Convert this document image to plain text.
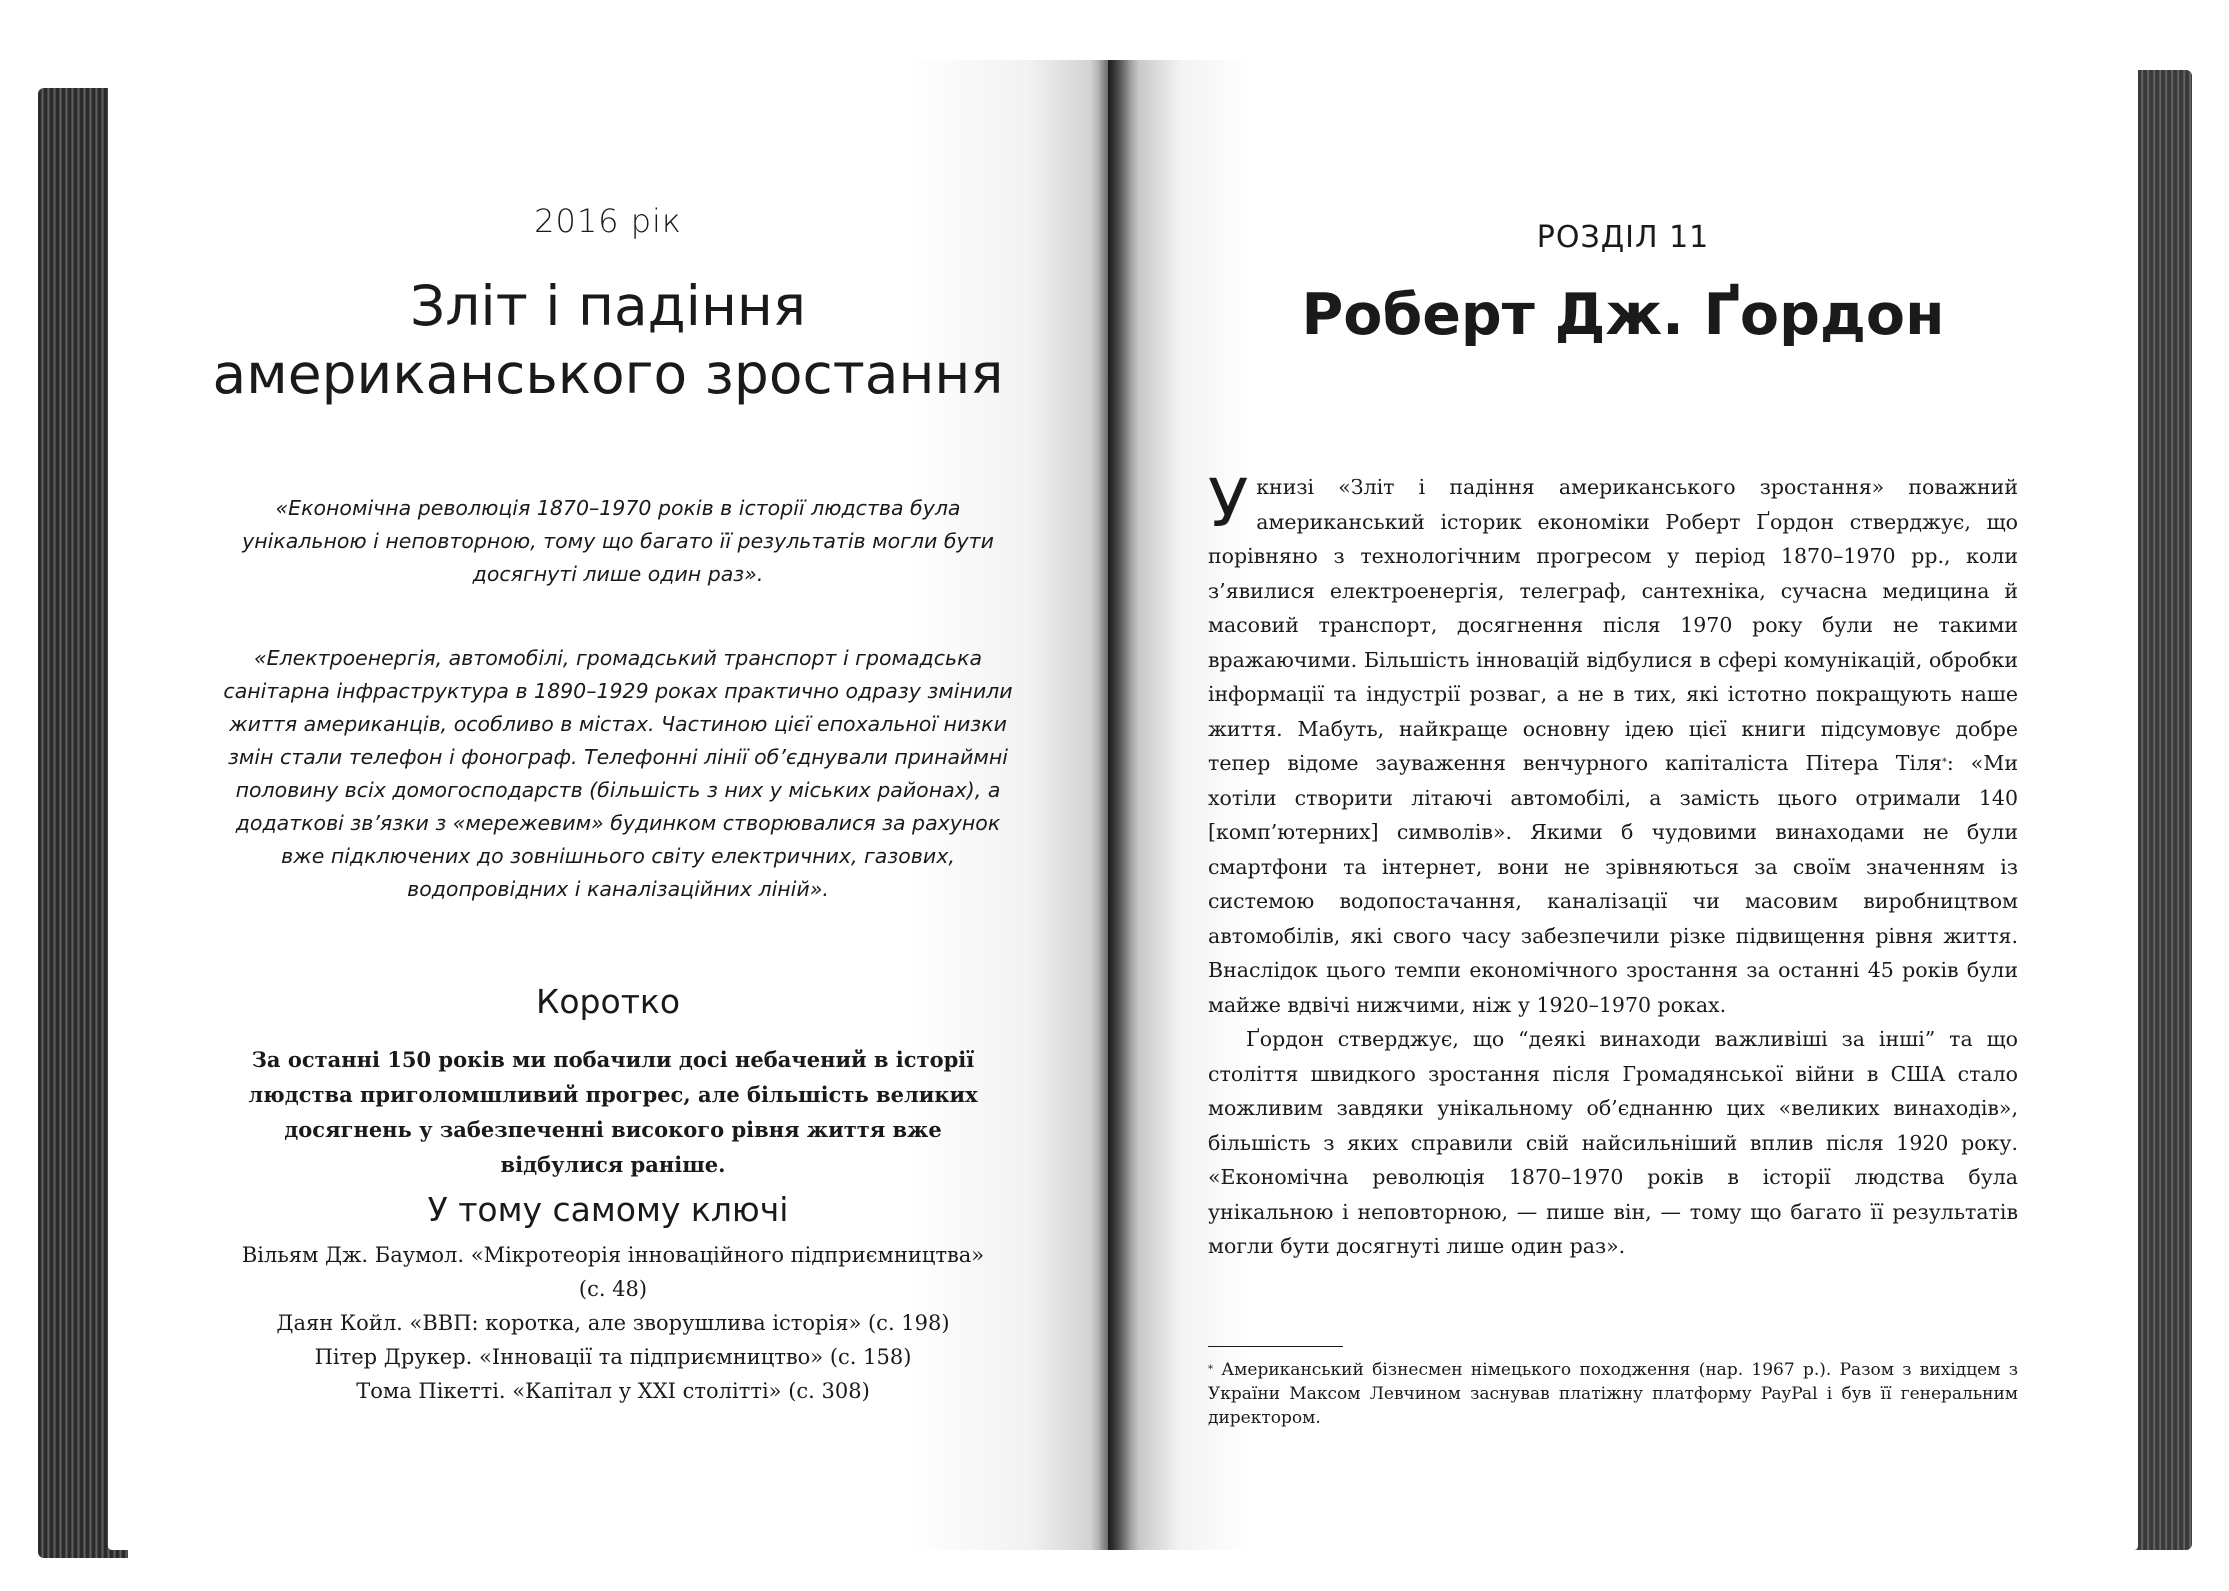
2016 рік
Зліт і падіння
американського зростання
«Економічна революція 1870–1970 років в історії людства була унікальною і неповторною, тому що багато її результатів могли бути досягнуті лише один раз».
«Електроенергія, автомобілі, громадський транспорт і громадська санітарна інфраструктура в 1890–1929 роках практично одразу змінили життя американців, особливо в містах. Частиною цієї епохальної низки змін стали телефон і фонограф. Телефонні лінії об’єднували принаймні половину всіх домогосподарств (більшість з них у міських районах), а додаткові зв’язки з «мережевим» будинком створювалися за рахунок вже підключених до зовнішнього світу електричних, газових, водопровідних і каналізаційних ліній».
Коротко
За останні 150 років ми побачили досі небачений в історії людства приголомшливий прогрес, але більшість великих досягнень у забезпеченні високого рівня життя вже відбулися раніше.
У тому самому ключі
Вільям Дж. Баумол. «Мікротеорія інноваційного підприємництва» (с. 48)
Даян Койл. «ВВП: коротка, але зворушлива історія» (с. 198)
Пітер Друкер. «Інновації та підприємництво» (с. 158)
Тома Пікетті. «Капітал у XXI столітті» (с. 308)
РОЗДІЛ 11
Роберт Дж. Ґордон

У книзі «Зліт і падіння американського зростання» поважний американський історик економіки Роберт Ґордон стверджує, що порівняно з технологічним прогресом у період 1870–1970 рр., коли з’явилися електроенергія, телеграф, сантехніка, сучасна медицина й масовий транспорт, досягнення після 1970 року були не такими вражаючими. Більшість інновацій відбулися в сфері комунікацій, обробки інформації та індустрії розваг, а не в тих, які істотно покращують наше життя. Мабуть, найкраще основну ідею цієї книги підсумовує добре тепер відоме зауваження венчурного капіталіста Пітера Тіля*: «Ми хотіли створити літаючі автомобілі, а замість цього отримали 140 [комп’ютерних] символів». Якими б чудовими винаходами не були смартфони та інтернет, вони не зрівняються за своїм значенням із системою водопостачання, каналізації чи масовим виробництвом автомобілів, які свого часу забезпечили різке підвищення рівня життя. Внаслідок цього темпи економічного зростання за останні 45 років були майже вдвічі нижчими, ніж у 1920–1970 роках.

Ґордон стверджує, що “деякі винаходи важливіші за інші” та що століття швидкого зростання після Громадянської війни в США стало можливим завдяки унікальному об’єднанню цих «великих винаходів», більшість з яких справили свій найсильніший вплив після 1920 року. «Економічна революція 1870–1970 років в історії людства була унікальною і неповторною, — пише він, — тому що багато її результатів могли бути досягнуті лише один раз».

* Американський бізнесмен німецького походження (нар. 1967 р.). Разом з вихідцем з України Максом Левчином заснував платіжну платформу PayPal і був її генеральним директором.
